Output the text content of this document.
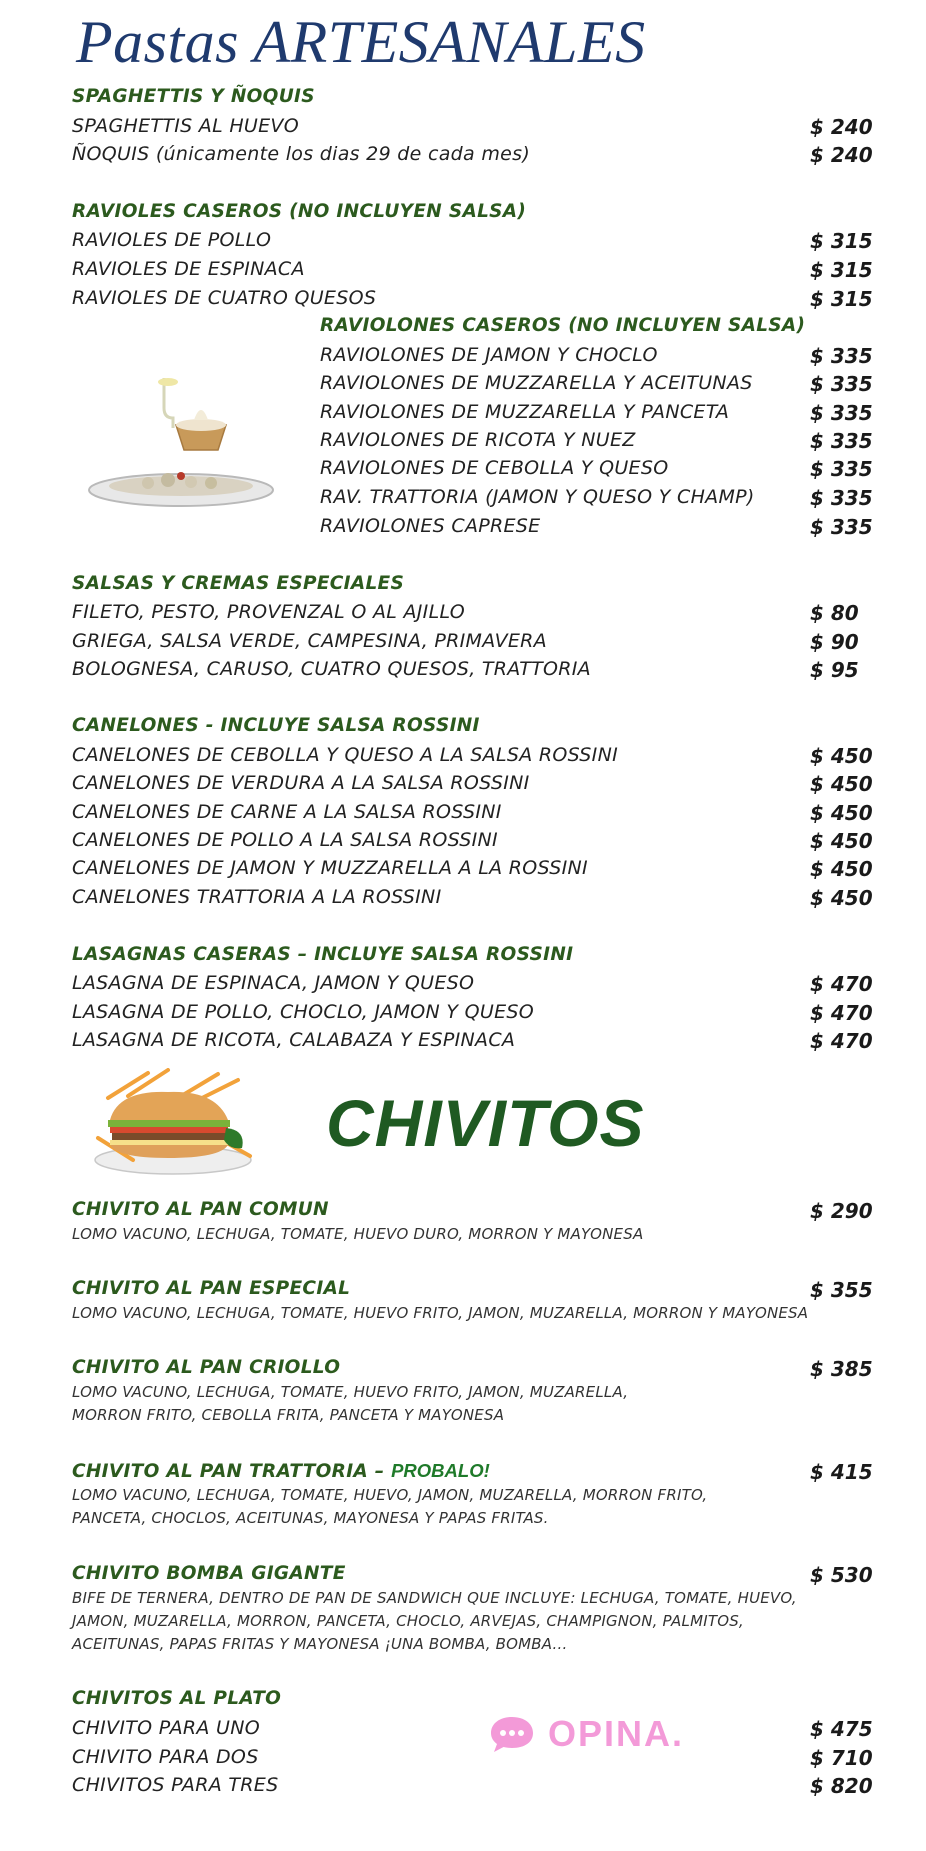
Pastas ARTESANALES
SPAGHETTIS Y ÑOQUIS
SPAGHETTIS AL HUEVO	$ 240
ÑOQUIS (únicamente los dias 29 de cada mes)	$ 240
RAVIOLES CASEROS (NO INCLUYEN SALSA)
RAVIOLES DE POLLO	$ 315
RAVIOLES DE ESPINACA	$ 315
RAVIOLES DE CUATRO QUESOS	$ 315
RAVIOLONES CASEROS (NO INCLUYEN SALSA)
RAVIOLONES DE JAMON Y CHOCLO	$ 335
RAVIOLONES DE MUZZARELLA Y ACEITUNAS	$ 335
RAVIOLONES DE MUZZARELLA Y PANCETA	$ 335
RAVIOLONES DE RICOTA Y NUEZ	$ 335
RAVIOLONES DE CEBOLLA Y QUESO	$ 335
RAV. TRATTORIA (JAMON Y QUESO Y CHAMP)	$ 335
RAVIOLONES CAPRESE	$ 335
SALSAS Y CREMAS ESPECIALES
FILETO, PESTO, PROVENZAL O AL AJILLO	$ 80
GRIEGA, SALSA VERDE, CAMPESINA, PRIMAVERA	$ 90
BOLOGNESA, CARUSO, CUATRO QUESOS, TRATTORIA	$ 95
CANELONES - INCLUYE SALSA ROSSINI
CANELONES DE CEBOLLA Y QUESO A LA SALSA ROSSINI	$ 450
CANELONES DE VERDURA A LA SALSA ROSSINI	$ 450
CANELONES DE CARNE A LA SALSA ROSSINI	$ 450
CANELONES DE POLLO A LA SALSA ROSSINI	$ 450
CANELONES DE JAMON Y MUZZARELLA A LA ROSSINI	$ 450
CANELONES TRATTORIA A LA ROSSINI	$ 450
LASAGNAS CASERAS – INCLUYE SALSA ROSSINI
LASAGNA DE ESPINACA, JAMON Y QUESO	$ 470
LASAGNA DE POLLO, CHOCLO, JAMON Y QUESO	$ 470
LASAGNA DE RICOTA, CALABAZA Y ESPINACA	$ 470
CHIVITOS
CHIVITO AL PAN COMUN	$ 290
LOMO VACUNO, LECHUGA, TOMATE, HUEVO DURO, MORRON Y MAYONESA
CHIVITO AL PAN ESPECIAL	$ 355
LOMO VACUNO, LECHUGA, TOMATE, HUEVO FRITO, JAMON, MUZARELLA, MORRON Y MAYONESA
CHIVITO AL PAN CRIOLLO	$ 385
LOMO VACUNO, LECHUGA, TOMATE, HUEVO FRITO, JAMON, MUZARELLA,
MORRON FRITO, CEBOLLA FRITA, PANCETA Y MAYONESA
CHIVITO AL PAN TRATTORIA – PROBALO!	$ 415
LOMO VACUNO, LECHUGA, TOMATE, HUEVO, JAMON, MUZARELLA, MORRON FRITO,
PANCETA, CHOCLOS, ACEITUNAS, MAYONESA Y PAPAS FRITAS.
CHIVITO BOMBA GIGANTE	$ 530
BIFE DE TERNERA, DENTRO DE PAN DE SANDWICH QUE INCLUYE: LECHUGA, TOMATE, HUEVO,
JAMON, MUZARELLA, MORRON, PANCETA, CHOCLO, ARVEJAS, CHAMPIGNON, PALMITOS,
ACEITUNAS, PAPAS FRITAS Y MAYONESA ¡UNA BOMBA, BOMBA...
CHIVITOS AL PLATO
CHIVITO PARA UNO	$ 475
CHIVITO PARA DOS	$ 710
CHIVITOS PARA TRES	$ 820
OPINA.
